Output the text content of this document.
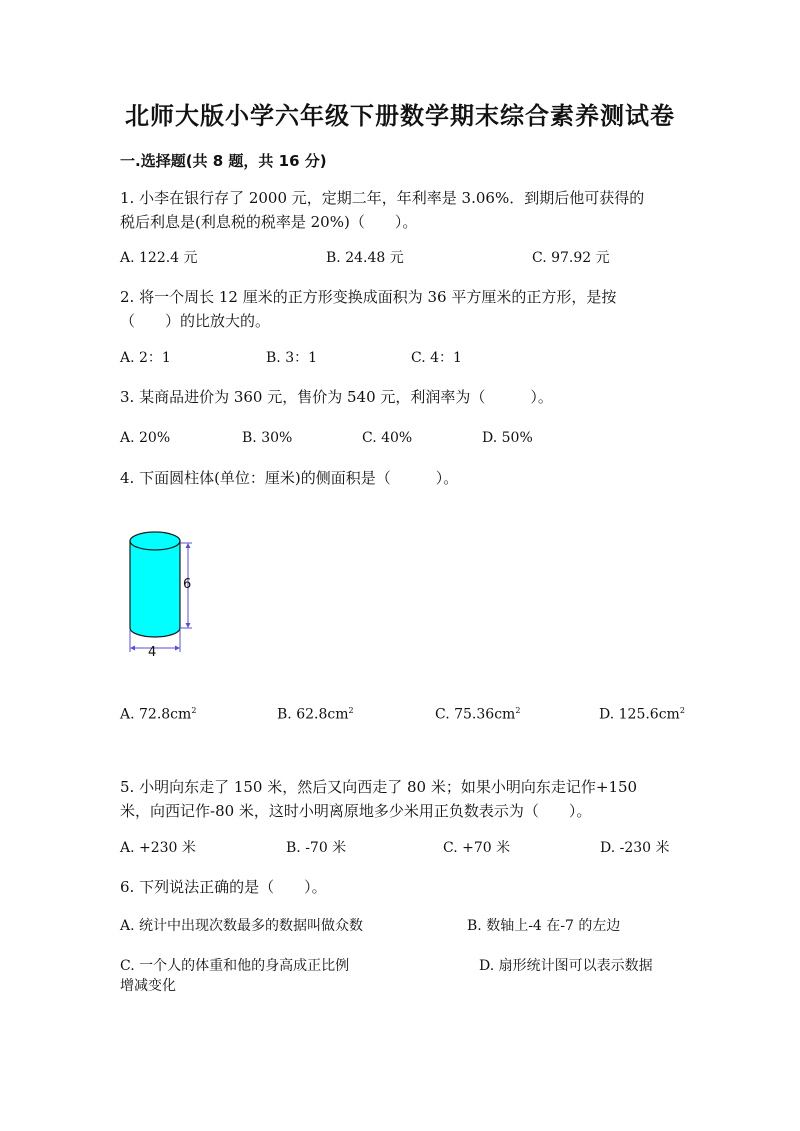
北师大版小学六年级下册数学期末综合素养测试卷
一.选择题(共 8 题，共 16 分)
1. 小李在银行存了 2000 元，定期二年，年利率是 3.06%．到期后他可获得的
税后利息是(利息税的税率是 20%)（　　）。
A. 122.4 元	B. 24.48 元	C. 97.92 元
2. 将一个周长 12 厘米的正方形变换成面积为 36 平方厘米的正方形，是按
（　　）的比放大的。
A. 2：1	B. 3：1	C. 4：1
3. 某商品进价为 360 元，售价为 540 元，利润率为（　　　）。
A. 20%	B. 30%	C. 40%	D. 50%
4. 下面圆柱体(单位：厘米)的侧面积是（　　　）。
6
4
A. $72.8cm^2$	B. $62.8cm^2$	C. $75.36cm^2$	D. $125.6cm^2$
5. 小明向东走了 150 米，然后又向西走了 80 米；如果小明向东走记作+150
米，向西记作-80 米，这时小明离原地多少米用正负数表示为（　　）。
A. +230 米	B. -70 米	C. +70 米	D. -230 米
6. 下列说法正确的是（　　）。
A. 统计中出现次数最多的数据叫做众数	B. 数轴上-4 在-7 的左边
C. 一个人的体重和他的身高成正比例	D. 扇形统计图可以表示数据
增减变化
